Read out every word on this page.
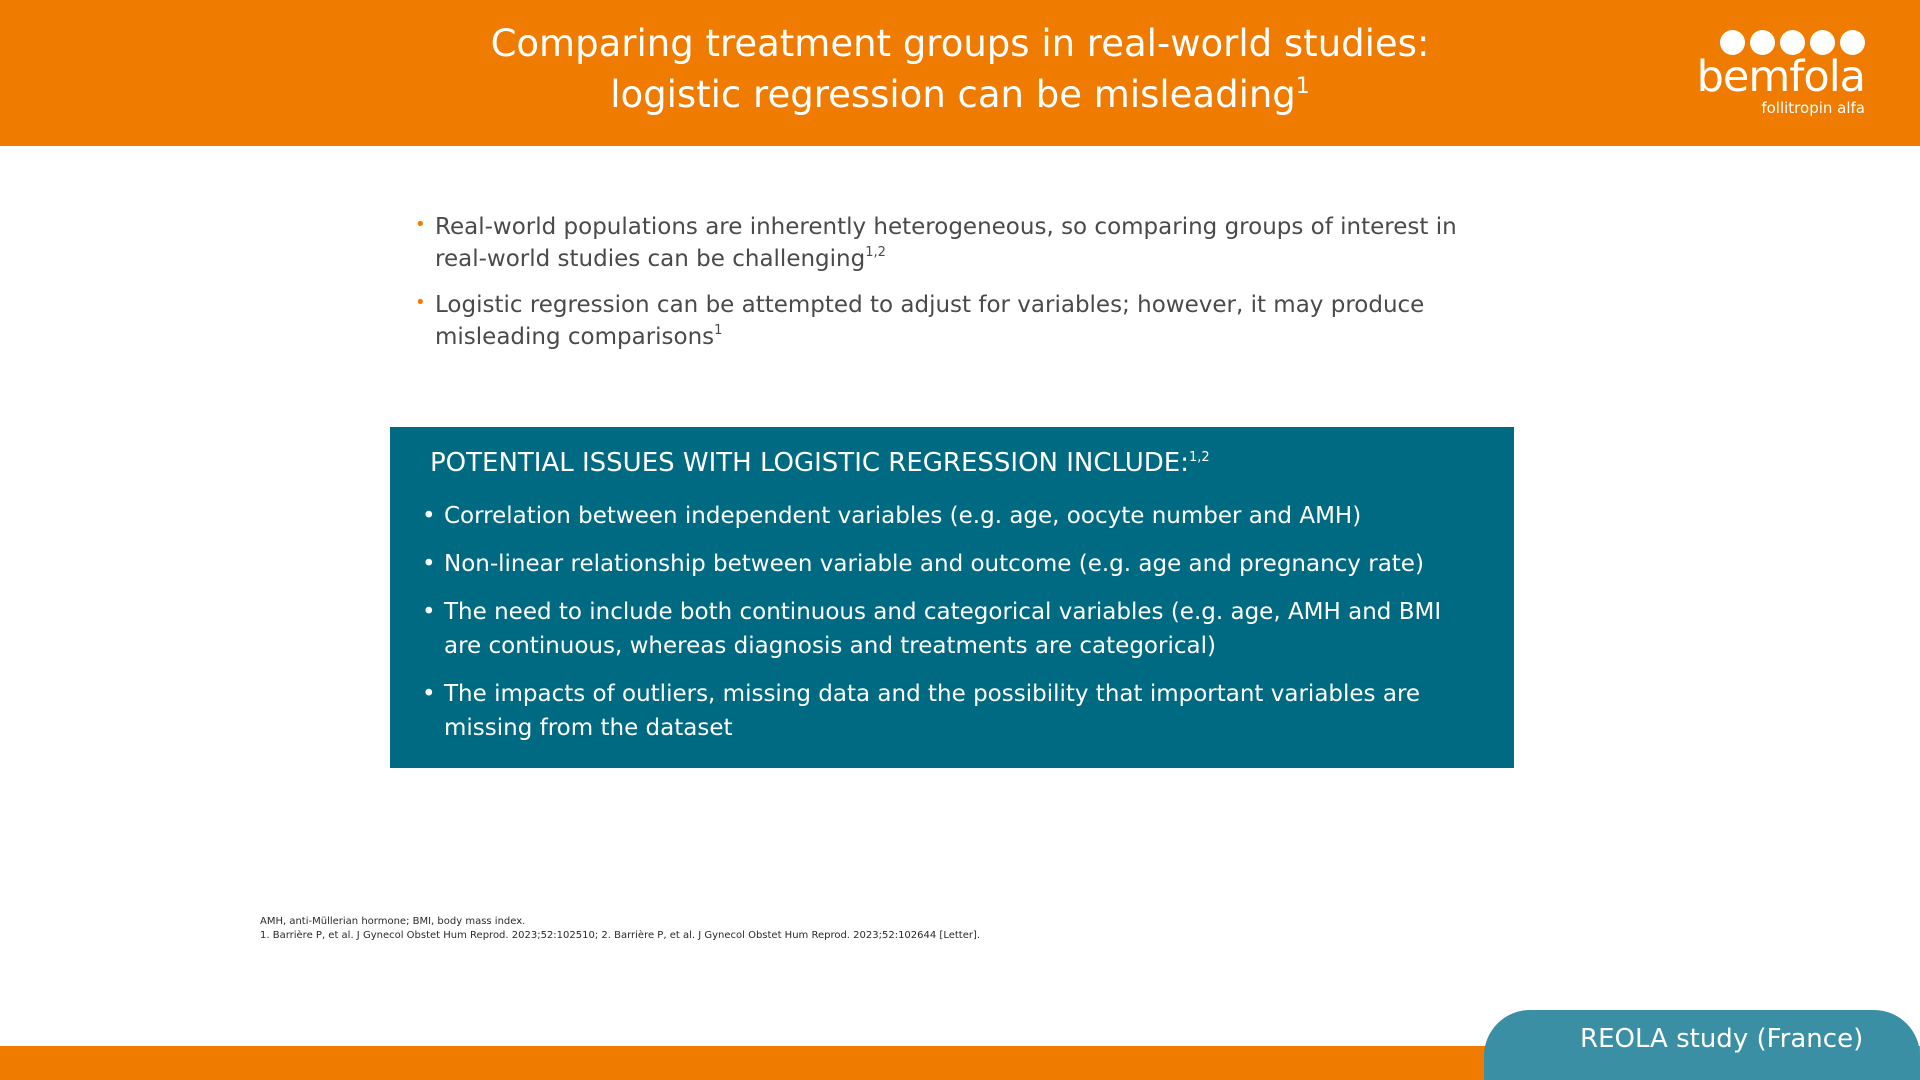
Comparing treatment groups in real-world studies:
logistic regression can be misleading$^1$	bemfola
follitropin alfa
• Real-world populations are inherently heterogeneous, so comparing groups of interest in real-world studies can be challenging$^{1,2}$
• Logistic regression can be attempted to adjust for variables; however, it may produce misleading comparisons$^1$
POTENTIAL ISSUES WITH LOGISTIC REGRESSION INCLUDE:$^{1,2}$
• Correlation between independent variables (e.g. age, oocyte number and AMH)
• Non-linear relationship between variable and outcome (e.g. age and pregnancy rate)
• The need to include both continuous and categorical variables (e.g. age, AMH and BMI are continuous, whereas diagnosis and treatments are categorical)
• The impacts of outliers, missing data and the possibility that important variables are missing from the dataset
AMH, anti-Müllerian hormone; BMI, body mass index.
1. Barrière P, et al. J Gynecol Obstet Hum Reprod. 2023;52:102510; 2. Barrière P, et al. J Gynecol Obstet Hum Reprod. 2023;52:102644 [Letter].
REOLA study (France)
